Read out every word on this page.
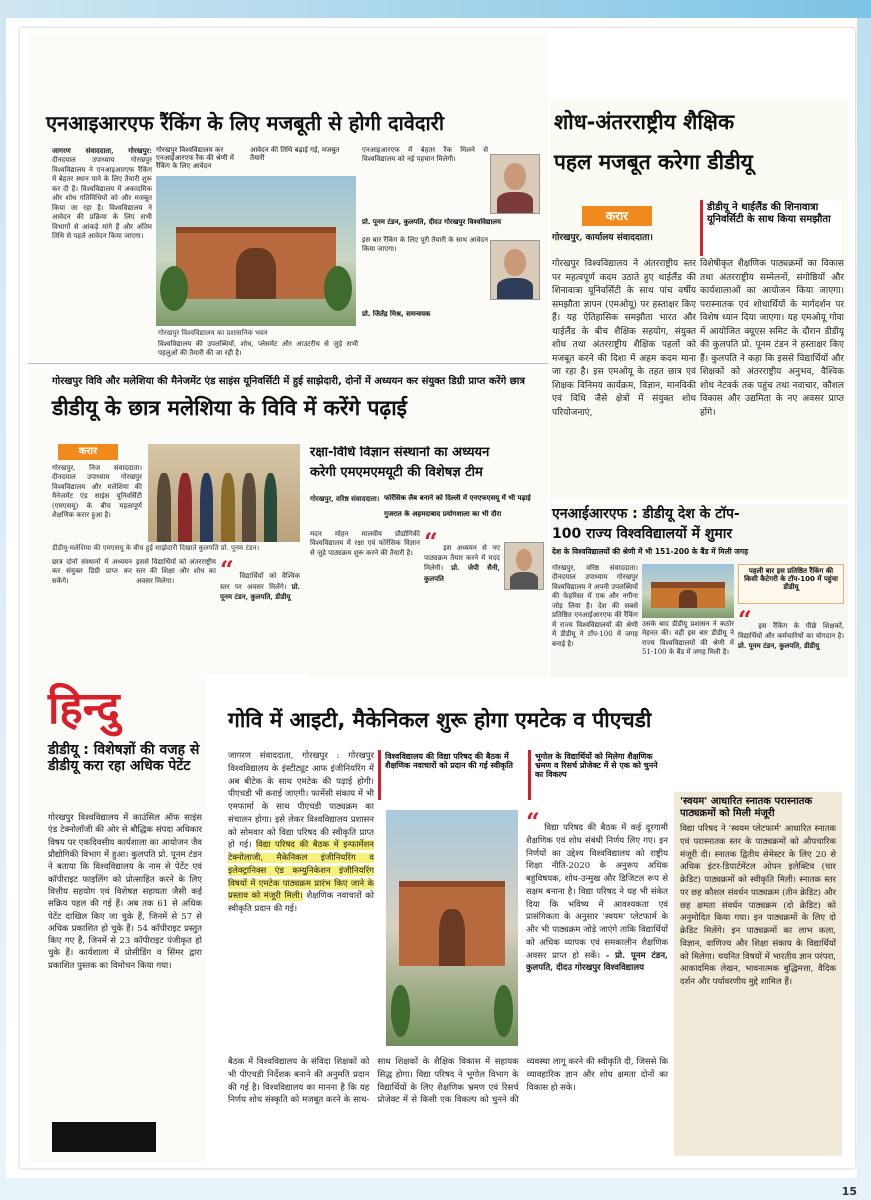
एनआइआरएफ रैंकिंग के लिए मजबूती से होगी दावेदारी
जागरण संवाददाता, गोरखपुर: दीनदयाल उपाध्याय गोरखपुर विश्वविद्यालय ने एनआइआरएफ रैंकिंग में बेहतर स्थान पाने के लिए तैयारी शुरू कर दी है। विश्वविद्यालय में अकादमिक और शोध गतिविधियों को और मजबूत किया जा रहा है। विश्वविद्यालय ने आवेदन की प्रक्रिया के लिए सभी विभागों से आंकड़े मांगे हैं और अंतिम तिथि से पहले आवेदन किया जाएगा।
गोरखपुर विश्वविद्यालय कर एनआईआरएफ रैंक की श्रेणी में रैंकिंग के लिए आवेदन
आवेदन की तिथि बढ़ाई गई, मजबूत तैयारी
गोरखपुर विश्वविद्यालय का प्रशासनिक भवन
विश्वविद्यालय की उपलब्धियों, शोध, प्लेसमेंट और आउटरीच से जुड़े सभी पहलुओं की तैयारी की जा रही है।
एनआइआरएफ में बेहतर रैंक मिलने से विश्वविद्यालय को नई पहचान मिलेगी।
प्रो. पूनम टंडन, कुलपति, दीदउ गोरखपुर विश्वविद्यालय
इस बार रैंकिंग के लिए पूरी तैयारी के साथ आवेदन किया जाएगा।
प्रो. जितेंद्र मिश्र, समन्वयक
शोध-अंतरराष्ट्रीय शैक्षिक
पहल मजबूत करेगा डीडीयू
करार
गोरखपुर, कार्यालय संवाददाता।
गोरखपुर विश्वविद्यालय ने अंतरराष्ट्रीय स्तर पर महत्वपूर्ण कदम उठाते हुए थाईलैंड की शिनावात्रा यूनिवर्सिटी के साथ पांच वर्षीय समझौता ज्ञापन (एमओयू) पर हस्ताक्षर किए हैं। यह ऐतिहासिक समझौता भारत और थाईलैंड के बीच शैक्षिक सहयोग, संयुक्त शोध तथा अंतरराष्ट्रीय शैक्षिक पहलों को मजबूत करने की दिशा में अहम कदम माना जा रहा है। इस एमओयू के तहत छात्र एवं शिक्षक विनिमय कार्यक्रम, विज्ञान, मानविकी एवं विधि जैसे क्षेत्रों में संयुक्त शोध परियोजनाएं,
डीडीयू ने थाईलैंड की शिनावात्रा यूनिवर्सिटी के साथ किया समझौता
विशेषीकृत शैक्षणिक पाठ्यक्रमों का विकास तथा अंतरराष्ट्रीय सम्मेलनों, संगोष्ठियों और कार्यशालाओं का आयोजन किया जाएगा। परास्नातक एवं शोधार्थियों के मार्गदर्शन पर विशेष ध्यान दिया जाएगा। यह एमओयू गोवा में आयोजित क्यूएस समिट के दौरान डीडीयू की कुलपति प्रो. पूनम टंडन ने हस्ताक्षर किए हैं। कुलपति ने कहा कि इससे विद्यार्थियों और शिक्षकों को अंतरराष्ट्रीय अनुभव, वैश्विक शोध नेटवर्क तक पहुंच तथा नवाचार, कौशल विकास और उद्यमिता के नए अवसर प्राप्त होंगे।
गोरखपुर विवि और मलेशिया की मैनेजमेंट एंड साइंस यूनिवर्सिटी में हुई साझेदारी, दोनों में अध्ययन कर संयुक्त डिग्री प्राप्त करेंगे छात्र
डीडीयू के छात्र मलेशिया के विवि में करेंगे पढ़ाई
करार
गोरखपुर, निज संवाददाता। दीनदयाल उपाध्याय गोरखपुर विश्वविद्यालय और मलेशिया की मैनेजमेंट एंड साइंस यूनिवर्सिटी (एमएसयू) के बीच महत्वपूर्ण शैक्षणिक करार हुआ है।
डीडीयू-मलेशिया की एमएसयू के बीच हुई साझेदारी दिखाते कुलपति प्रो. पूनम टंडन।
छात्र दोनों संस्थानों में अध्ययन कर संयुक्त डिग्री प्राप्त कर सकेंगे।
इससे विद्यार्थियों को अंतरराष्ट्रीय स्तर की शिक्षा और शोध का अवसर मिलेगा।	“ विद्यार्थियों को वैश्विक स्तर पर अवसर मिलेंगे। प्रो. पूनम टंडन, कुलपति, डीडीयू
रक्षा-विधि विज्ञान संस्थानों का अध्ययन
करेगी एमएमएमयूटी की विशेषज्ञ टीम
गोरखपुर, वरिष्ठ संवाददाता। फोरेंसिक लैब बनाने को दिल्ली में एनएफएसयू में भी पढ़ाई
गुजरात के अहमदाबाद प्रयोगशाला का भी दौरा
मदन मोहन मालवीय प्रौद्योगिकी विश्वविद्यालय में रक्षा एवं फोरेंसिक विज्ञान से जुड़े पाठ्यक्रम शुरू करने की तैयारी है। “ इस अध्ययन से नए पाठ्यक्रम तैयार करने में मदद मिलेगी। प्रो. जेपी सैनी, कुलपति
एनआईआरएफ : डीडीयू देश के टॉप-
100 राज्य विश्वविद्यालयों में शुमार
देश के विश्वविद्यालयों की श्रेणी में भी 151-200 के बैंड में मिली जगह
गोरखपुर, वरिष्ठ संवाददाता। दीनदयाल उपाध्याय गोरखपुर विश्वविद्यालय ने अपनी उपलब्धियों की फेहरिस्त में एक और नगीना जोड़ लिया है। देश की सबसे प्रतिष्ठित एनआईआरएफ की रैंकिंग में राज्य विश्वविद्यालयों की श्रेणी में डीडीयू ने टॉप-100 में जगह बनाई है।
उसके बाद डीडीयू प्रशासन ने कठोर मेहनत की। वहीं इस बार डीडीयू ने राज्य विश्वविद्यालयों की श्रेणी में 51-100 के बैंड में जगह मिली है।
पहली बार इस प्रतिष्ठित रैंकिंग की किसी कैटेगरी के टॉप-100 में पहुंचा डीडीयू
“ इस रैंकिंग के पीछे शिक्षकों, विद्यार्थियों और कर्मचारियों का योगदान है। प्रो. पूनम टंडन, कुलपति, डीडीयू
हिन्दु
डीडीयू : विशेषज्ञों की वजह से डीडीयू करा रहा अधिक पेटेंट
गोरखपुर विश्वविद्यालय में काउंसिल ऑफ साइंस एंड टेक्नोलॉजी की ओर से बौद्धिक संपदा अधिकार विषय पर एकदिवसीय कार्यशाला का आयोजन जैव प्रौद्योगिकी विभाग में हुआ। कुलपति प्रो. पूनम टंडन ने बताया कि विश्वविद्यालय के नाम से पेटेंट एवं कॉपीराइट फाइलिंग को प्रोत्साहित करने के लिए वित्तीय सहयोग एवं विशेषज्ञ सहायता जैसी कई सक्रिय पहल की गई हैं। अब तक 61 से अधिक पेटेंट दाखिल किए जा चुके हैं, जिनमें से 57 से अधिक प्रकाशित हो चुके हैं। 54 कॉपीराइट प्रस्तुत किए गए हैं, जिनमें से 23 कॉपीराइट पंजीकृत हो चुके हैं। कार्यशाला में प्रोसीडिंग व सिंमर द्वारा प्रकाशित पुस्तक का विमोचन किया गया।
गोवि में आइटी, मैकेनिकल शुरू होगा एमटेक व पीएचडी
जागरण संवाददाता, गोरखपुर : गोरखपुर विश्वविद्यालय के इंस्टीट्यूट आफ इंजीनियरिंग में अब बीटेक के साथ एमटेक की पढ़ाई होगी। पीएचडी भी कराई जाएगी। फार्मेसी संकाय में भी एमफार्मा के साथ पीएचडी पाठ्यक्रम का संचालन होगा। इसे लेकर विश्वविद्यालय प्रशासन को सोमवार को विद्या परिषद की स्वीकृति प्राप्त हो गई। विद्या परिषद की बैठक में इन्फार्मेशन टेक्नोलाजी, मैकेनिकल इंजीनियरिंग व इलेक्ट्रानिक्स एंड कम्युनिकेशन इंजीनियरिंग विषयों में एमटेक पाठ्यक्रम प्रारंभ किए जाने के प्रस्ताव को मंजूरी मिली। शैक्षणिक नवाचारों को स्वीकृति प्रदान की गई।
बैठक में विश्वविद्यालय के संविदा शिक्षकों को भी पीएचडी निर्देशक बनाने की अनुमति प्रदान की गई है। विश्वविद्यालय का मानना है कि यह निर्णय शोध संस्कृति को मजबूत करने के साथ-साथ शिक्षकों के शैक्षिक विकास में सहायक सिद्ध होगा। विद्या परिषद ने भूगोल विभाग के विद्यार्थियों के लिए शैक्षणिक भ्रमण एवं रिसर्च प्रोजेक्ट में से किसी एक विकल्प को चुनने की व्यवस्था लागू करने की स्वीकृति दी, जिससे कि व्यावहारिक ज्ञान और शोध क्षमता दोनों का विकास हो सके।
विश्वविद्यालय की विद्या परिषद की बैठक में शैक्षणिक नवाचारों को प्रदान की गई स्वीकृति
भूगोल के विद्यार्थियों को मिलेगा शैक्षणिक भ्रमण व रिसर्च प्रोजेक्ट में से एक को चुनने का विकल्प
“ विद्या परिषद की बैठक में कई दूरगामी शैक्षणिक एवं शोध संबंधी निर्णय लिए गए। इन निर्णयों का उद्देश्य विश्वविद्यालय को राष्ट्रीय शिक्षा नीति-2020 के अनुरूप अधिक बहुविषयक, शोध-उन्मुख और डिजिटल रूप से सक्षम बनाना है। विद्या परिषद ने यह भी संकेत दिया कि भविष्य में आवश्यकता एवं प्रासंगिकता के अनुसार 'स्वयम' प्लेटफार्म के और भी पाठ्यक्रम जोड़े जाएंगे ताकि विद्यार्थियों को अधिक व्यापक एवं समकालीन शैक्षणिक अवसर प्राप्त हो सकें। - प्रो. पूनम टंडन, कुलपति, दीदउ गोरखपुर विश्वविद्यालय
'स्वयम' आधारित स्नातक परास्नातक पाठ्यक्रमों को मिली मंजूरी
विद्या परिषद ने 'स्वयम प्लेटफार्म' आधारित स्नातक एवं परास्नातक स्तर के पाठ्यक्रमों को औपचारिक मंजूरी दी। स्नातक द्वितीय सेमेस्टर के लिए 20 से अधिक इंटर-डिपार्टमेंटल ओपन इलेक्टिव (चार क्रेडिट) पाठ्यक्रमों को स्वीकृति मिली। स्नातक स्तर पर छह कौशल संवर्धन पाठ्यक्रम (तीन क्रेडिट) और छह क्षमता संवर्धन पाठ्यक्रम (दो क्रेडिट) को अनुमोदित किया गया। इन पाठ्यक्रमों के लिए दो क्रेडिट मिलेंगे। इन पाठ्यक्रमों का लाभ कला, विज्ञान, वाणिज्य और शिक्षा संकाय के विद्यार्थियों को मिलेगा। चयनित विषयों में भारतीय ज्ञान परंपरा, आकादमिक लेखन, भावनात्मक बुद्धिमत्ता, वैदिक दर्शन और पर्यावरणीय मुद्दे शामिल हैं।
15
